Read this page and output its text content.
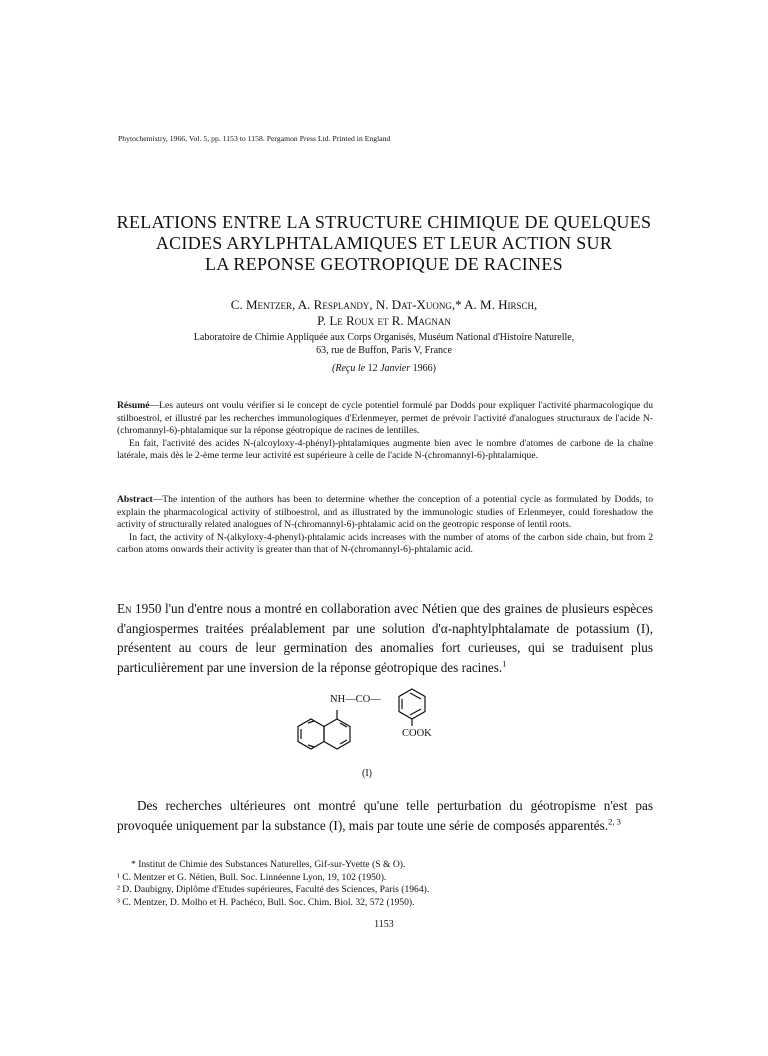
Phytochemistry, 1966, Vol. 5, pp. 1153 to 1158. Pergamon Press Ltd. Printed in England
RELATIONS ENTRE LA STRUCTURE CHIMIQUE DE QUELQUES
ACIDES ARYLPHTALAMIQUES ET LEUR ACTION SUR
LA REPONSE GEOTROPIQUE DE RACINES
C. Mentzer, A. Resplandy, N. Dat-Xuong,* A. M. Hirsch,
P. Le Roux et R. Magnan
Laboratoire de Chimie Appliquée aux Corps Organisés, Muséum National d'Histoire Naturelle,
63, rue de Buffon, Paris V, France
(Reçu le 12 Janvier 1966)

Résumé—Les auteurs ont voulu vérifier si le concept de cycle potentiel formulé par Dodds pour expliquer l'activité pharmacologique du stilboestrol, et illustré par les recherches immunologiques d'Erlenmeyer, permet de prévoir l'activité d'analogues structuraux de l'acide N-(chromannyl-6)-phtalamique sur la réponse géotropique de racines de lentilles.

En fait, l'activité des acides N-(alcoyloxy-4-phényl)-phtalamiques augmente bien avec le nombre d'atomes de carbone de la chaîne latérale, mais dès le 2-ème terme leur activité est supérieure à celle de l'acide N-(chromannyl-6)-phtalamique.

Abstract—The intention of the authors has been to determine whether the conception of a potential cycle as formulated by Dodds, to explain the pharmacological activity of stilboestrol, and as illustrated by the immunologic studies of Erlenmeyer, could foreshadow the activity of structurally related analogues of N-(chromannyl-6)-phtalamic acid on the geotropic response of lentil roots.

In fact, the activity of N-(alkyloxy-4-phenyl)-phtalamic acids increases with the number of atoms of the carbon side chain, but from 2 carbon atoms onwards their activity is greater than that of N-(chromannyl-6)-phtalamic acid.

En 1950 l'un d'entre nous a montré en collaboration avec Nétien que des graines de plusieurs espèces d'angiospermes traitées préalablement par une solution d'α-naphtylphtalamate de potassium (I), présentent au cours de leur germination des anomalies fort curieuses, qui se traduisent plus particulièrement par une inversion de la réponse géotropique des racines.$^1$

NH—CO—
COOK
(I)

Des recherches ultérieures ont montré qu'une telle perturbation du géotropisme n'est pas provoquée uniquement par la substance (I), mais par toute une série de composés apparentés.$^{2, 3}$

* Institut de Chimie des Substances Naturelles, Gif-sur-Yvette (S & O).
¹ C. Mentzer et G. Nétien, Bull. Soc. Linnéenne Lyon, 19, 102 (1950).
² D. Daubigny, Diplôme d'Etudes supérieures, Faculté des Sciences, Paris (1964).
³ C. Mentzer, D. Molho et H. Pachéco, Bull. Soc. Chim. Biol. 32, 572 (1950).
1153
